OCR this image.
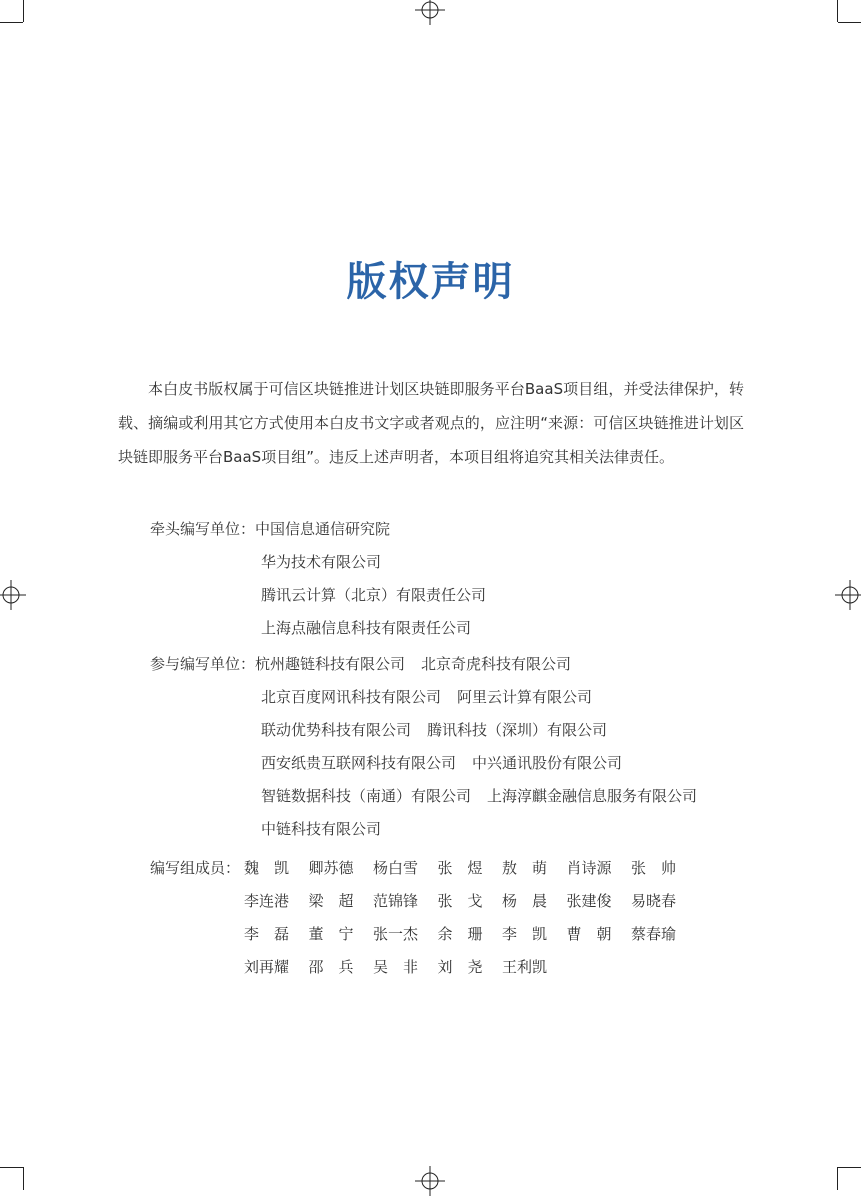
版权声明

本白皮书版权属于可信区块链推进计划区块链即服务平台BaaS项目组，并受法律保护，转载、摘编或利用其它方式使用本白皮书文字或者观点的，应注明“来源：可信区块链推进计划区块链即服务平台BaaS项目组”。违反上述声明者，本项目组将追究其相关法律责任。

牵头编写单位：中国信息通信研究院
华为技术有限公司
腾讯云计算（北京）有限责任公司
上海点融信息科技有限责任公司
参与编写单位：杭州趣链科技有限公司 北京奇虎科技有限公司
北京百度网讯科技有限公司 阿里云计算有限公司
联动优势科技有限公司 腾讯科技（深圳）有限公司
西安纸贵互联网科技有限公司 中兴通讯股份有限公司
智链数据科技（南通）有限公司 上海淳麒金融信息服务有限公司
中链科技有限公司
编写组成员： 魏　凯 卿苏德 杨白雪 张　煜 敖　萌 肖诗源 张　帅
李连港 梁　超 范锦锋 张　戈 杨　晨 张建俊 易晓春
李　磊 董　宁 张一杰 余　珊 李　凯 曹　朝 蔡春瑜
刘再耀 邵　兵 吴　非 刘　尧 王利凯
